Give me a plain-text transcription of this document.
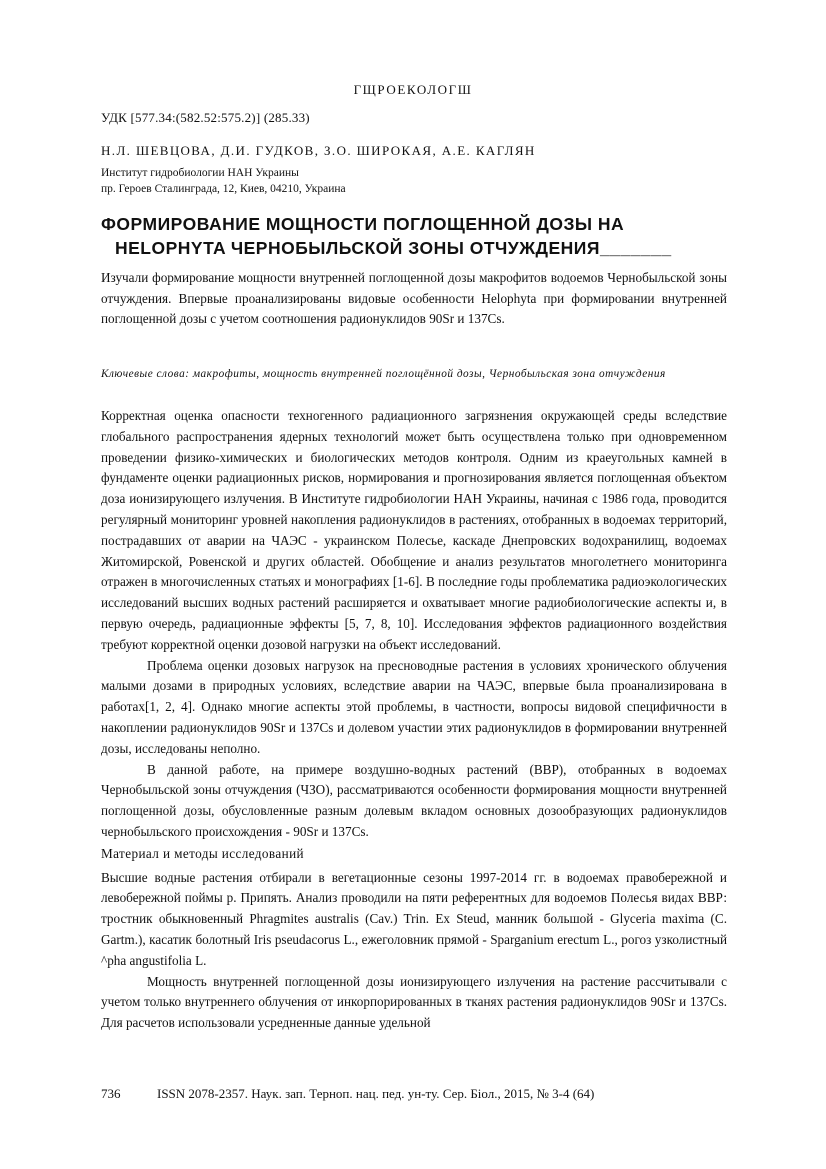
ГЩРОЕКОЛОГШ
УДК [577.34:(582.52:575.2)] (285.33)
Н.Л. ШЕВЦОВА, Д.И. ГУДКОВ, З.О. ШИРОКАЯ, А.Е. КАГЛЯН
Институт гидробиологии НАН Украины
пр. Героев Сталинграда, 12, Киев, 04210, Украина
ФОРМИРОВАНИЕ МОЩНОСТИ ПОГЛОЩЕННОЙ ДОЗЫ НА
HELOPHYTA ЧЕРНОБЫЛЬСКОЙ ЗОНЫ ОТЧУЖДЕНИЯ_______
Изучали формирование мощности внутренней поглощенной дозы макрофитов водоемов Чернобыльской зоны отчуждения. Впервые проанализированы видовые особенности Helophyta при формировании внутренней поглощенной дозы с учетом соотношения радионуклидов 90Sr и 137Cs.
Ключевые слова: макрофиты, мощность внутренней поглощённой дозы, Чернобыльская зона отчуждения

Корректная оценка опасности техногенного радиационного загрязнения окружающей среды вследствие глобального распространения ядерных технологий может быть осуществлена только при одновременном проведении физико-химических и биологических методов контроля. Одним из краеугольных камней в фундаменте оценки радиационных рисков, нормирования и прогнозирования является поглощенная объектом доза ионизирующего излучения. В Институте гидробиологии НАН Украины, начиная с 1986 года, проводится регулярный мониторинг уровней накопления радионуклидов в растениях, отобранных в водоемах территорий, пострадавших от аварии на ЧАЭС - украинском Полесье, каскаде Днепровских водохранилищ, водоемах Житомирской, Ровенской и других областей. Обобщение и анализ результатов многолетнего мониторинга отражен в многочисленных статьях и монографиях [1-6]. В последние годы проблематика радиоэкологических исследований высших водных растений расширяется и охватывает многие радиобиологические аспекты и, в первую очередь, радиационные эффекты [5, 7, 8, 10]. Исследования эффектов радиационного воздействия требуют корректной оценки дозовой нагрузки на объект исследований.

Проблема оценки дозовых нагрузок на пресноводные растения в условиях хронического облучения малыми дозами в природных условиях, вследствие аварии на ЧАЭС, впервые была проанализирована в работах[1, 2, 4]. Однако многие аспекты этой проблемы, в частности, вопросы видовой специфичности в накоплении радионуклидов 90Sr и 137Cs и долевом участии этих радионуклидов в формировании внутренней дозы, исследованы неполно.

В данной работе, на примере воздушно-водных растений (ВВР), отобранных в водоемах Чернобыльской зоны отчуждения (ЧЗО), рассматриваются особенности формирования мощности внутренней поглощенной дозы, обусловленные разным долевым вкладом основных дозообразующих радионуклидов чернобыльского происхождения - 90Sr и 137Cs.

Материал и методы исследований

Высшие водные растения отбирали в вегетационные сезоны 1997-2014 гг. в водоемах правобережной и левобережной поймы р. Припять. Анализ проводили на пяти референтных для водоемов Полесья видах ВВР: тростник обыкновенный Phragmites australis (Cav.) Trin. Ex Steud, манник большой - Glyceria maxima (C. Gartm.), касатик болотный Iris pseudacorus L., ежеголовник прямой - Sparganium erectum L., рогоз узколистный ^pha angustifolia L.

Мощность внутренней поглощенной дозы ионизирующего излучения на растение рассчитывали с учетом только внутреннего облучения от инкорпорированных в тканях растения радионуклидов 90Sr и 137Cs. Для расчетов использовали усредненные данные удельной

736	ISSN 2078-2357. Наук. зап. Терноп. нац. пед. ун-ту. Сер. Біол., 2015, № 3-4 (64)
